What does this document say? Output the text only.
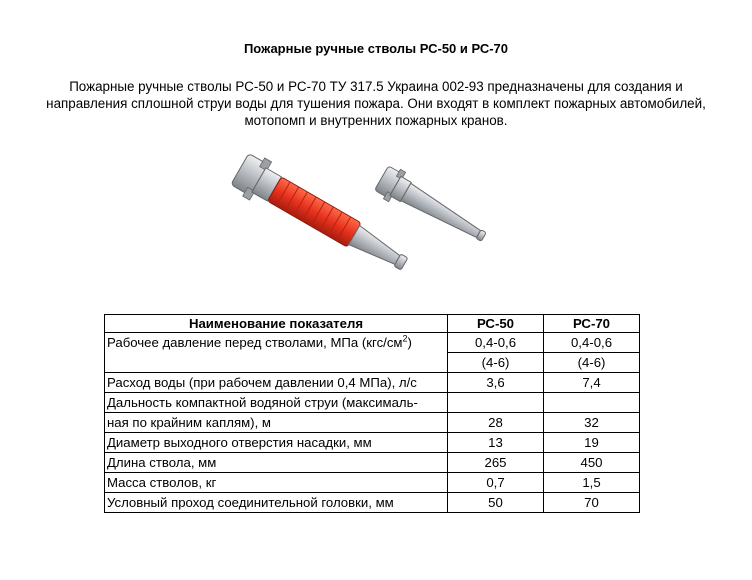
Пожарные ручные стволы РС-50 и РС-70
Пожарные ручные стволы РС-50 и РС-70 ТУ 317.5 Украина 002-93 предназначены для создания и
направления сплошной струи воды для тушения пожара. Они входят в комплект пожарных автомобилей,
мотопомп и внутренних пожарных кранов.
Наименование показателя	РС-50	РС-70
Рабочее давление перед стволами, МПа $(кгс/см^2)$	0,4-0,6	0,4-0,6
	(4-6)	(4-6)
Расход воды (при рабочем давлении 0,4 МПа), л/с	3,6	7,4
Дальность компактной водяной струи (максималь-		
ная по крайним каплям), м	28	32
Диаметр выходного отверстия насадки, мм	13	19
Длина ствола, мм	265	450
Масса стволов, кг	0,7	1,5
Условный проход соединительной головки, мм	50	70
